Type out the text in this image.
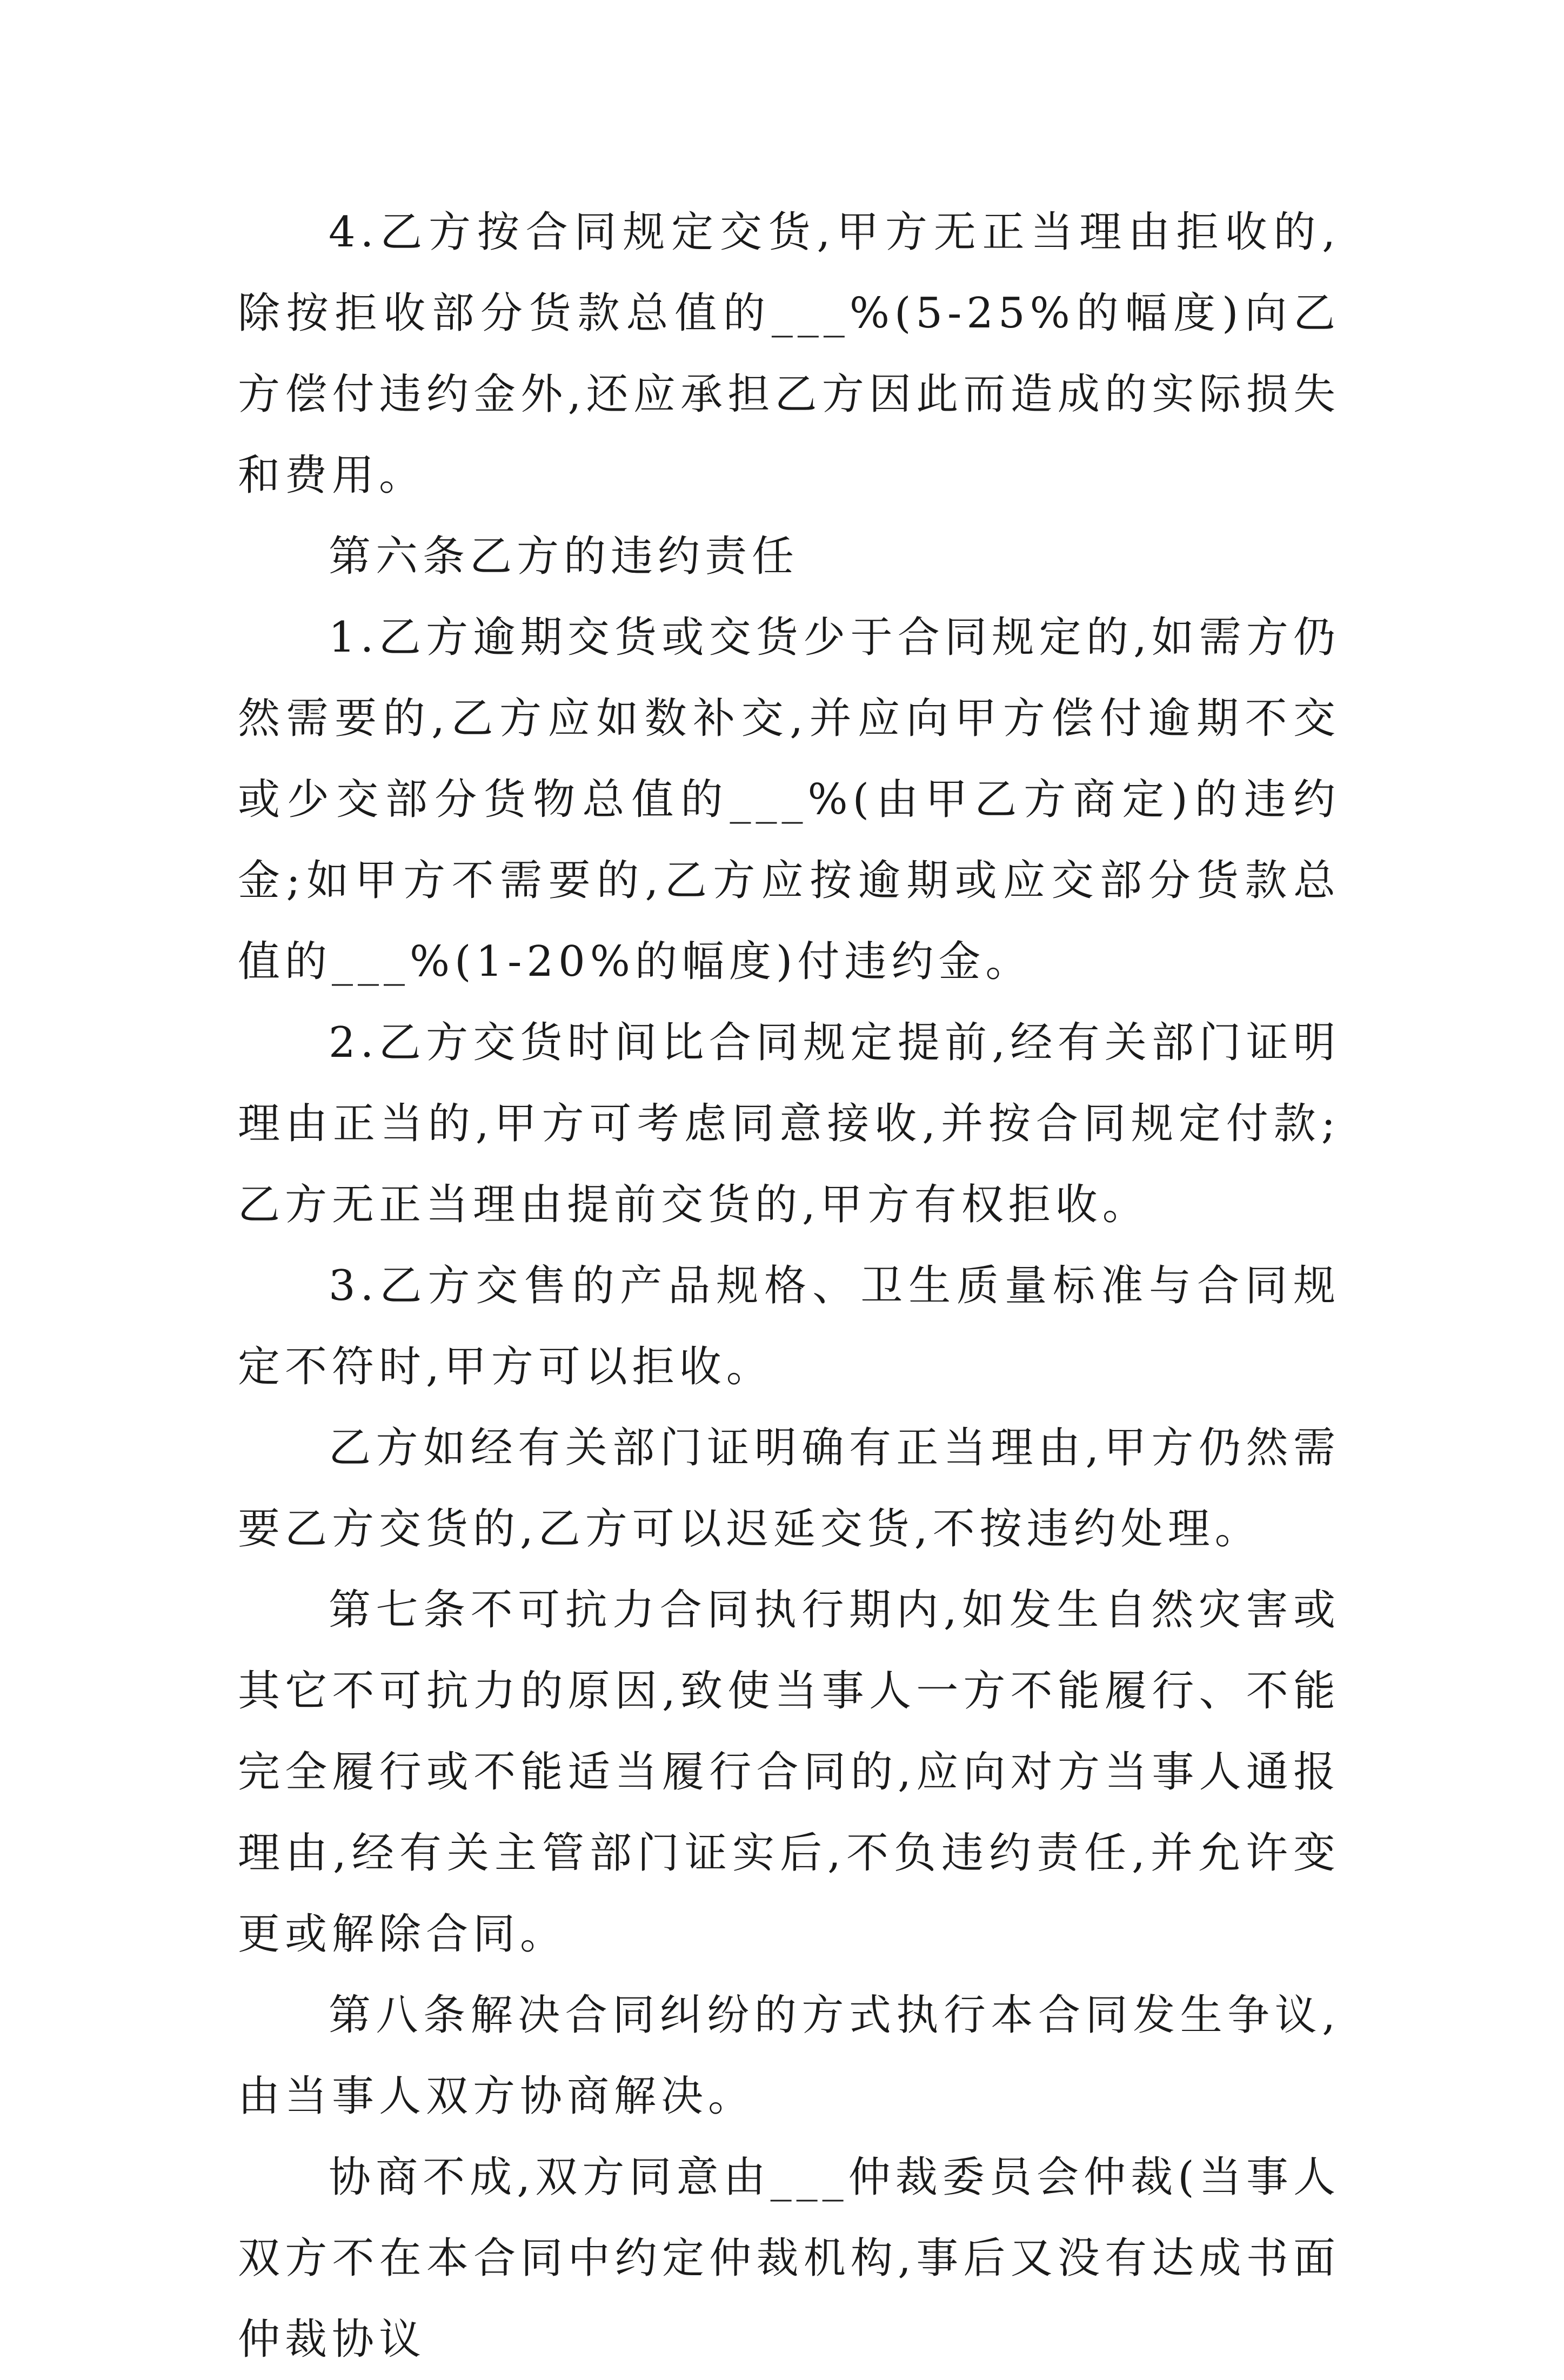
4.乙方按合同规定交货,甲方无正当理由拒收的,除按拒收部分货款总值的___%(5-25%的幅度)向乙方偿付违约金外,还应承担乙方因此而造成的实际损失和费用。

第六条乙方的违约责任

1.乙方逾期交货或交货少于合同规定的,如需方仍然需要的,乙方应如数补交,并应向甲方偿付逾期不交或少交部分货物总值的___%(由甲乙方商定)的违约金;如甲方不需要的,乙方应按逾期或应交部分货款总值的___%(1-20%的幅度)付违约金。

2.乙方交货时间比合同规定提前,经有关部门证明理由正当的,甲方可考虑同意接收,并按合同规定付款;乙方无正当理由提前交货的,甲方有权拒收。

3.乙方交售的产品规格、卫生质量标准与合同规定不符时,甲方可以拒收。

乙方如经有关部门证明确有正当理由,甲方仍然需要乙方交货的,乙方可以迟延交货,不按违约处理。

第七条不可抗力合同执行期内,如发生自然灾害或其它不可抗力的原因,致使当事人一方不能履行、不能完全履行或不能适当履行合同的,应向对方当事人通报理由,经有关主管部门证实后,不负违约责任,并允许变更或解除合同。

第八条解决合同纠纷的方式执行本合同发生争议,由当事人双方协商解决。

协商不成,双方同意由___仲裁委员会仲裁(当事人双方不在本合同中约定仲裁机构,事后又没有达成书面仲裁协议
